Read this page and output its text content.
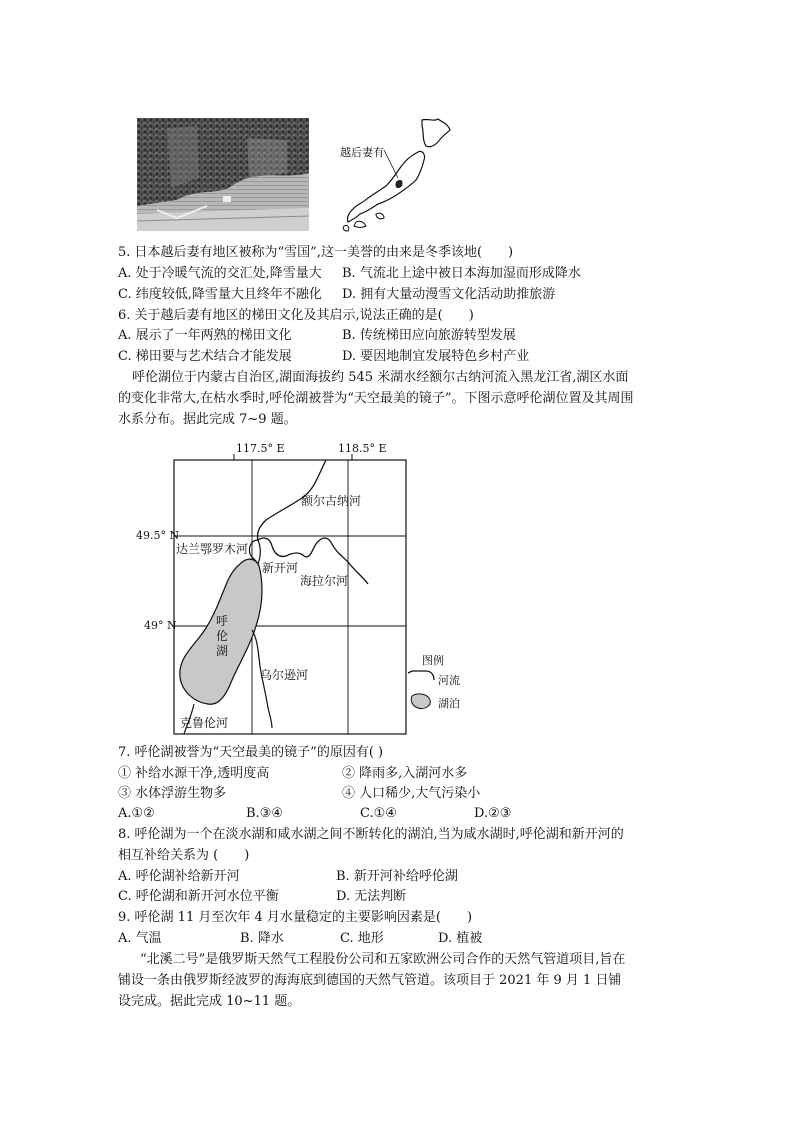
越后妻有
5. 日本越后妻有地区被称为“雪国”,这一美誉的由来是冬季该地(　　)
A. 处于冷暖气流的交汇处,降雪量大 B. 气流北上途中被日本海加湿而形成降水
C. 纬度较低,降雪量大且终年不融化 D. 拥有大量动漫雪文化活动助推旅游
6. 关于越后妻有地区的梯田文化及其启示,说法正确的是(　　)
A. 展示了一年两熟的梯田文化	B. 传统梯田应向旅游转型发展
C. 梯田要与艺术结合才能发展	D. 要因地制宜发展特色乡村产业
呼伦湖位于内蒙古自治区,湖面海拔约 545 米湖水经额尔古纳河流入黑龙江省,湖区水面
的变化非常大,在枯水季时,呼伦湖被誉为“天空最美的镜子”。下图示意呼伦湖位置及其周围
水系分布。据此完成 7~9 题。
117.5° E	118.5° E
49.5° N
49° N
额尔古纳河
达兰鄂罗木河
新开河
海拉尔河
呼
伦
湖
乌尔逊河
克鲁伦河
图例
河流
湖泊
7. 呼伦湖被誉为“天空最美的镜子”的原因有( )
① 补给水源干净,透明度高	② 降雨多,入湖河水多
③ 水体浮游生物多	④ 人口稀少,大气污染小
A.①②	B.③④	C.①④	D.②③
8. 呼伦湖为一个在淡水湖和咸水湖之间不断转化的湖泊,当为咸水湖时,呼伦湖和新开河的
相互补给关系为 (　　)
A. 呼伦湖补给新开河	B. 新开河补给呼伦湖
C. 呼伦湖和新开河水位平衡	D. 无法判断
9. 呼伦湖 11 月至次年 4 月水量稳定的主要影响因素是(　　)
A. 气温	B. 降水	C. 地形	D. 植被
“北溪二号”是俄罗斯天然气工程股份公司和五家欧洲公司合作的天然气管道项目,旨在
铺设一条由俄罗斯经波罗的海海底到德国的天然气管道。该项目于 2021 年 9 月 1 日铺
设完成。据此完成 10~11 题。
